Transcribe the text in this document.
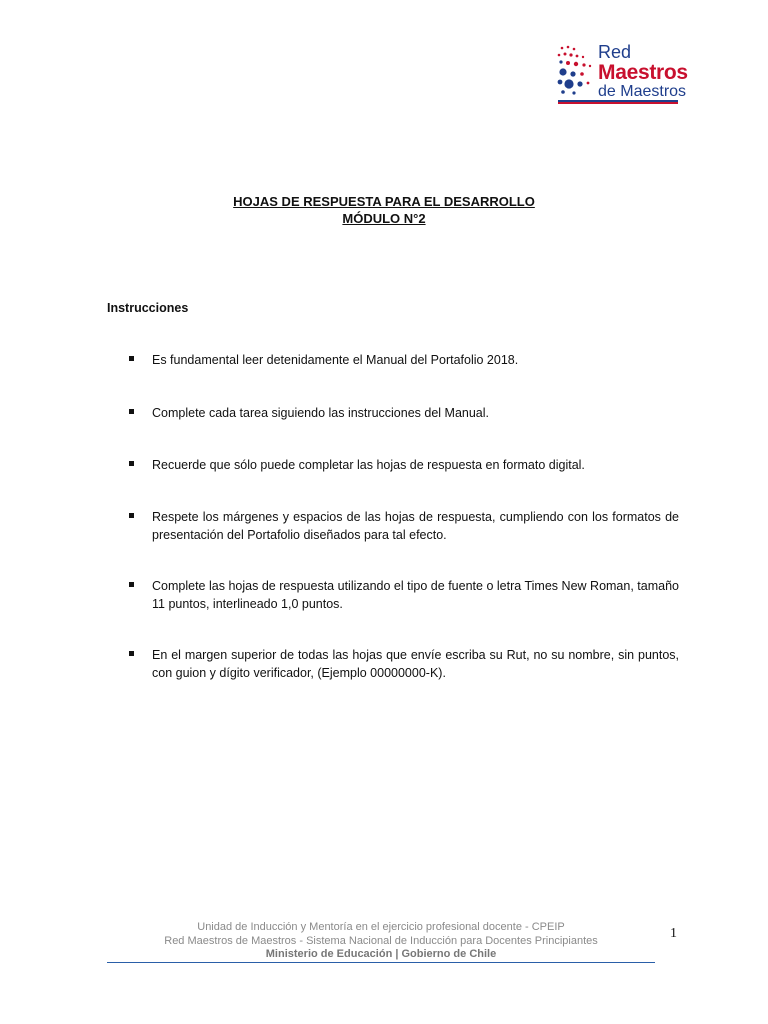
Red
Maestros
de Maestros
HOJAS DE RESPUESTA PARA EL DESARROLLO
MÓDULO N°2
Instrucciones
Es fundamental leer detenidamente el Manual del Portafolio 2018.
Complete cada tarea siguiendo las instrucciones del Manual.
Recuerde que sólo puede completar las hojas de respuesta en formato digital.
Respete los márgenes y espacios de las hojas de respuesta, cumpliendo con los formatos de presentación del Portafolio diseñados para tal efecto.
Complete las hojas de respuesta utilizando el tipo de fuente o letra Times New Roman, tamaño 11 puntos, interlineado 1,0 puntos.
En el margen superior de todas las hojas que envíe escriba su Rut, no su nombre, sin puntos, con guion y dígito verificador, (Ejemplo 00000000-K).
1
Unidad de Inducción y Mentoría en el ejercicio profesional docente - CPEIP
Red Maestros de Maestros - Sistema Nacional de Inducción para Docentes Principiantes
Ministerio de Educación | Gobierno de Chile
